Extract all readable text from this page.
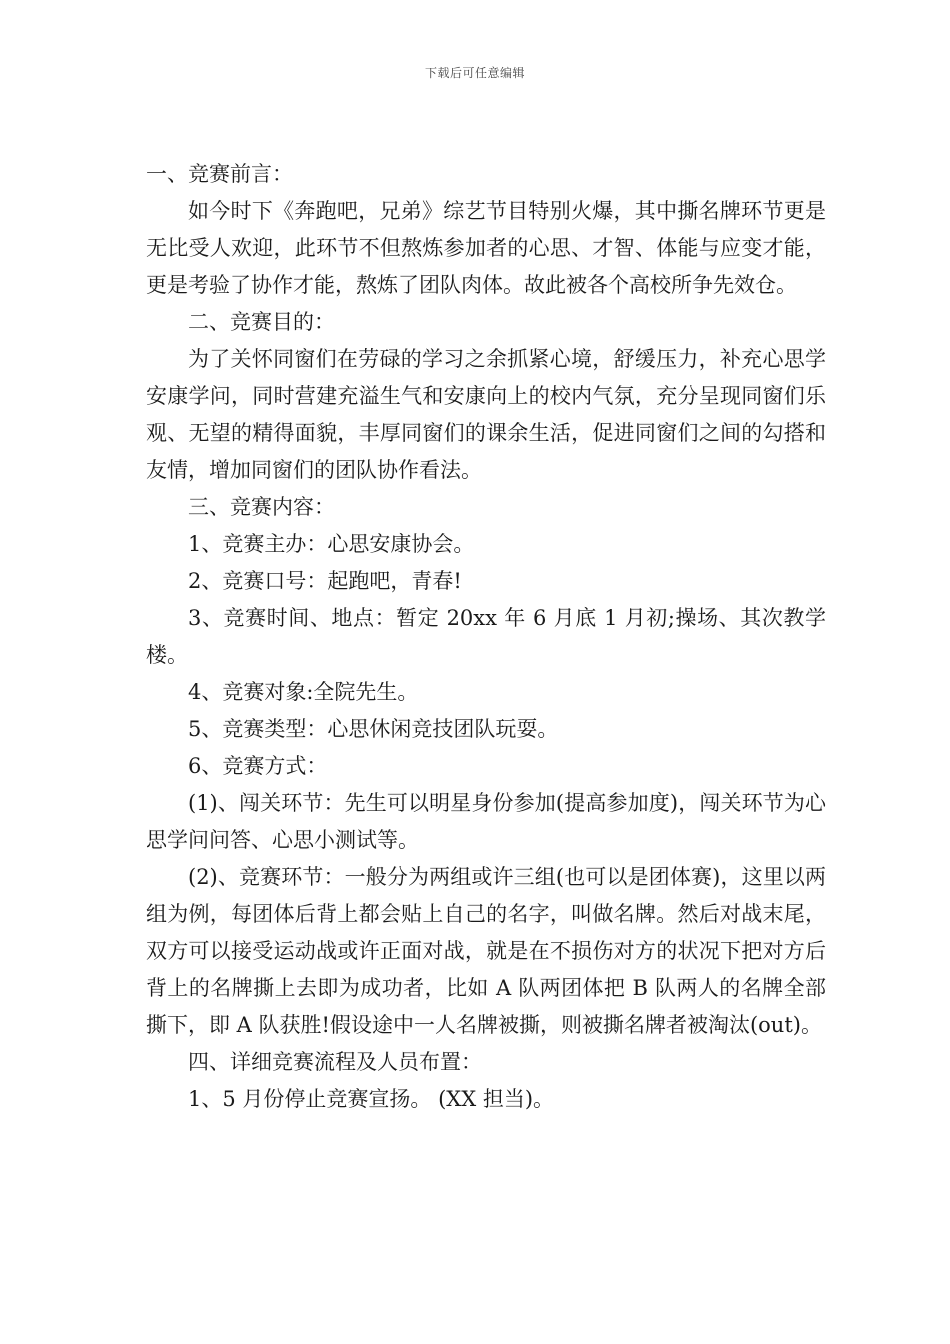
下载后可任意编辑

一、竞赛前言：

如今时下《奔跑吧，兄弟》综艺节目特别火爆，其中撕名牌环节更是无比受人欢迎，此环节不但熬炼参加者的心思、才智、体能与应变才能，更是考验了协作才能，熬炼了团队肉体。故此被各个高校所争先效仓。

二、竞赛目的：

为了关怀同窗们在劳碌的学习之余抓紧心境，舒缓压力，补充心思学安康学问，同时营建充溢生气和安康向上的校内气氛，充分呈现同窗们乐观、无望的精得面貌，丰厚同窗们的课余生活，促进同窗们之间的勾搭和友情，增加同窗们的团队协作看法。

三、竞赛内容：

1、竞赛主办：心思安康协会。

2、竞赛口号：起跑吧，青春!

3、竞赛时间、地点：暂定 20xx 年 6 月底 1 月初;操场、其次教学楼。

4、竞赛对象:全院先生。

5、竞赛类型：心思休闲竞技团队玩耍。

6、竞赛方式：

(1)、闯关环节：先生可以明星身份参加(提高参加度)，闯关环节为心思学问问答、心思小测试等。

(2)、竞赛环节：一般分为两组或许三组(也可以是团体赛)，这里以两组为例，每团体后背上都会贴上自己的名字，叫做名牌。然后对战末尾，双方可以接受运动战或许正面对战，就是在不损伤对方的状况下把对方后背上的名牌撕上去即为成功者，比如 A 队两团体把 B 队两人的名牌全部撕下，即 A 队获胜!假设途中一人名牌被撕，则被撕名牌者被淘汰(out)。

四、详细竞赛流程及人员布置：

1、5 月份停止竞赛宣扬。 (XX 担当)。
